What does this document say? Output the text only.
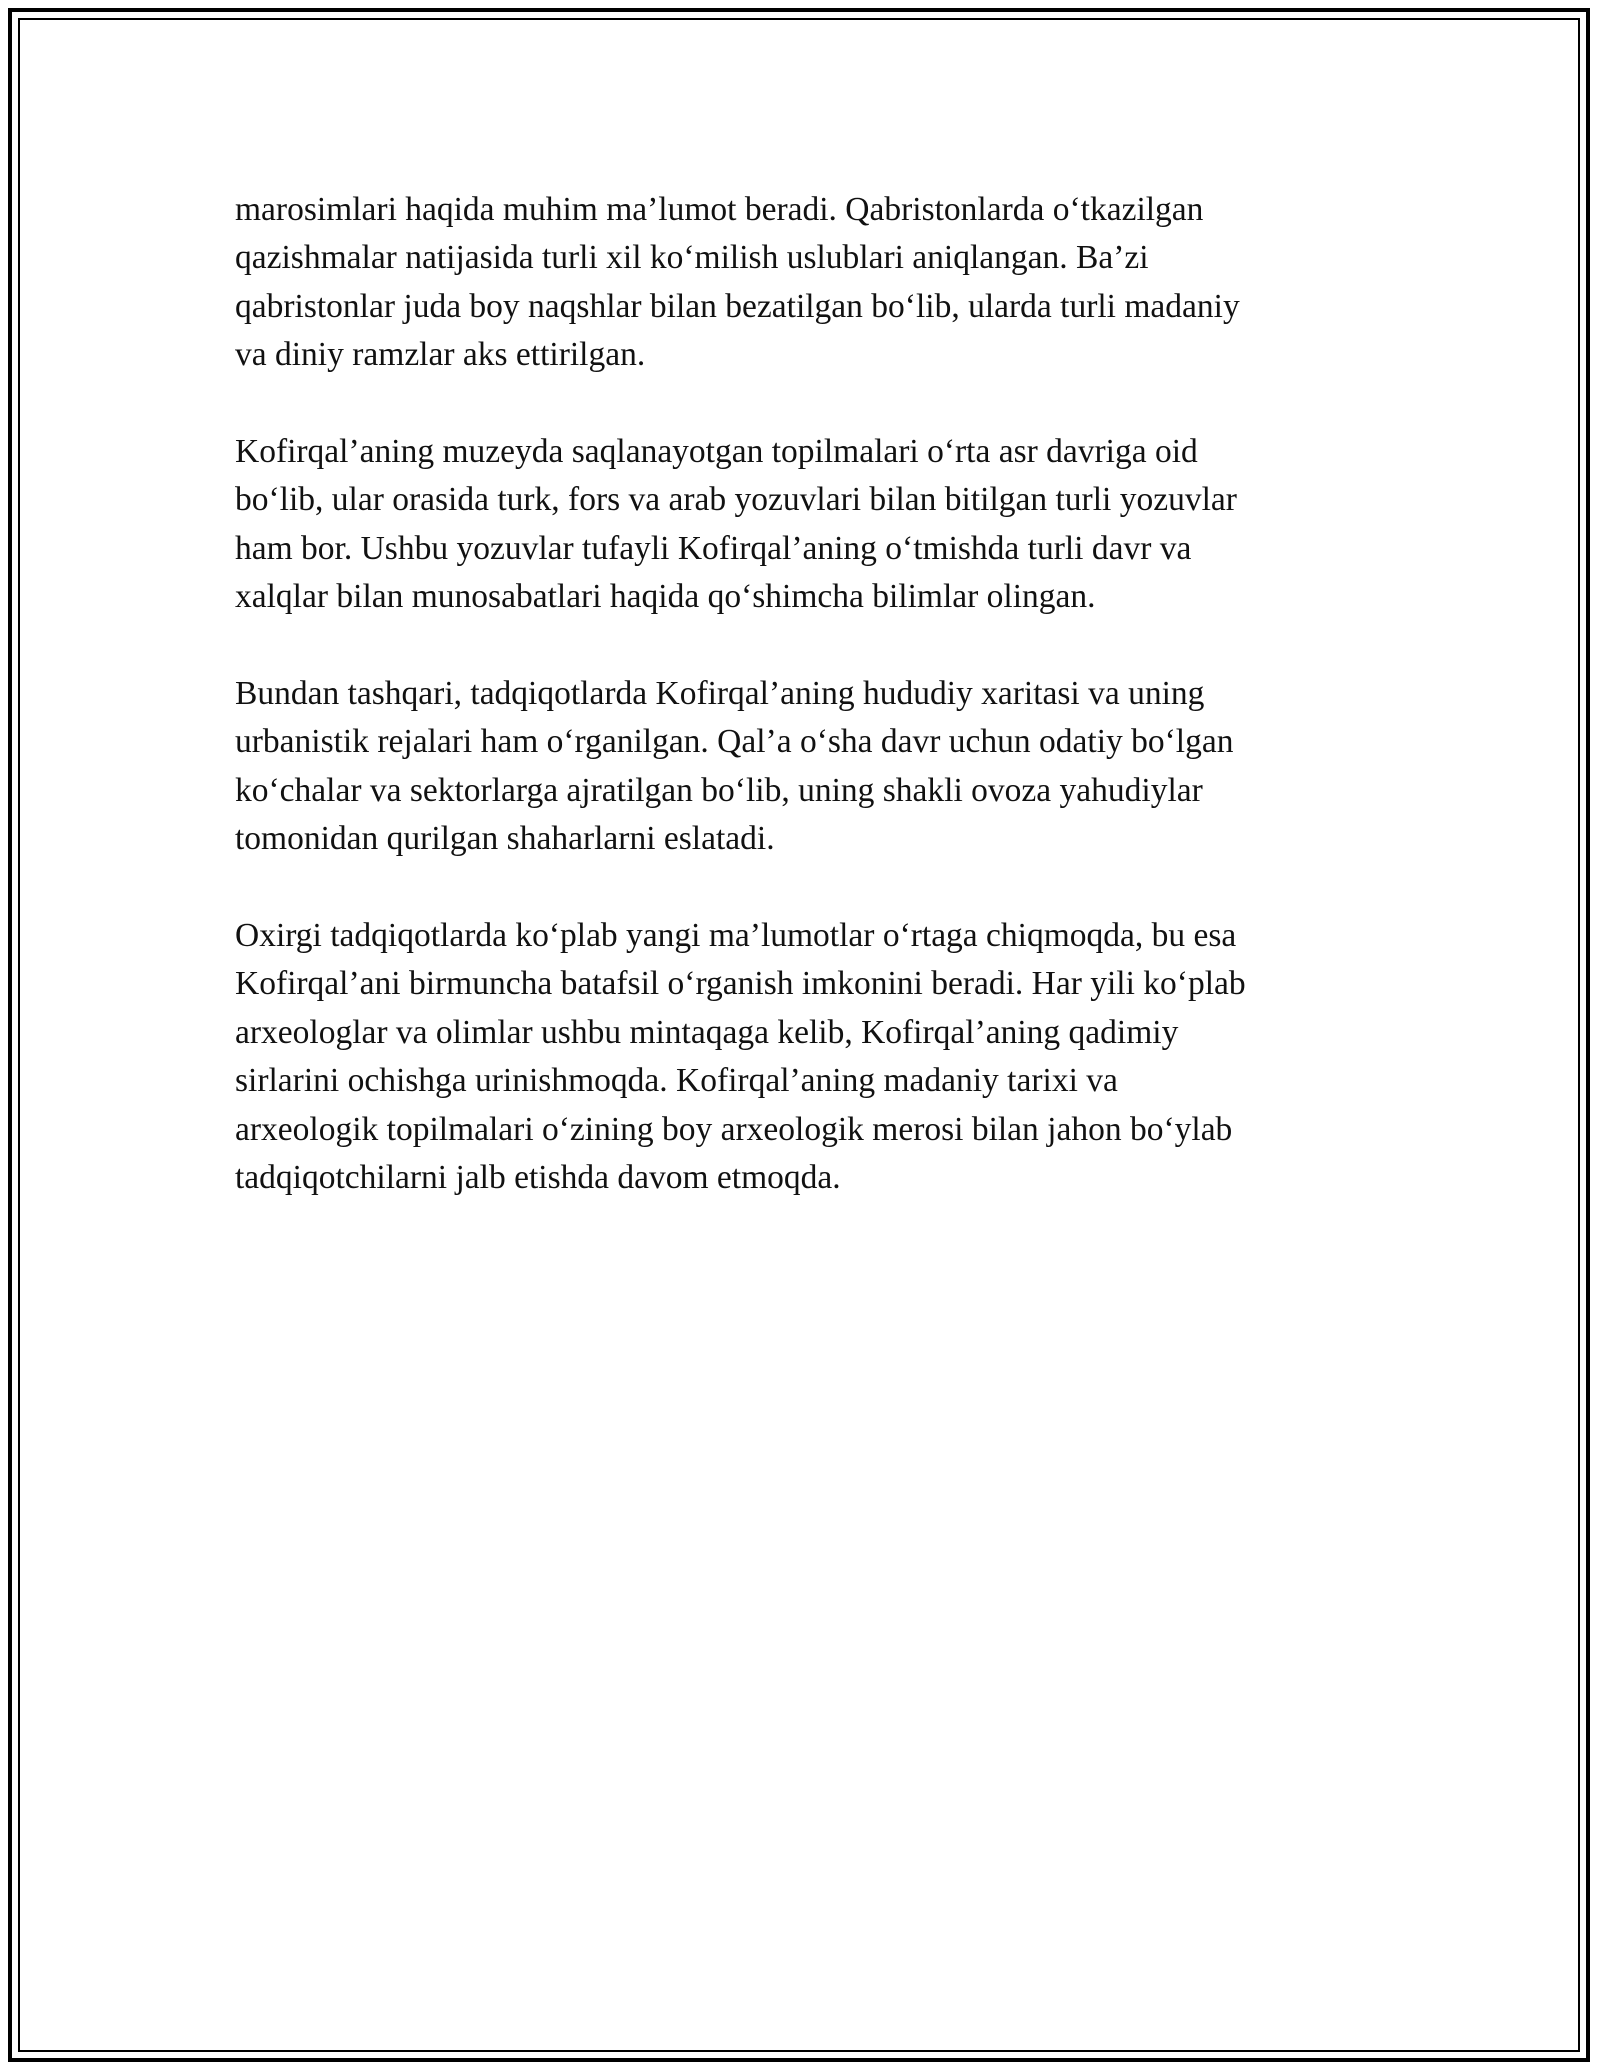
marosimlari haqida muhim ma’lumot beradi. Qabristonlarda o‘tkazilgan
qazishmalar natijasida turli xil ko‘milish uslublari aniqlangan. Ba’zi
qabristonlar juda boy naqshlar bilan bezatilgan bo‘lib, ularda turli madaniy
va diniy ramzlar aks ettirilgan.

Kofirqal’aning muzeyda saqlanayotgan topilmalari o‘rta asr davriga oid
bo‘lib, ular orasida turk, fors va arab yozuvlari bilan bitilgan turli yozuvlar
ham bor. Ushbu yozuvlar tufayli Kofirqal’aning o‘tmishda turli davr va
xalqlar bilan munosabatlari haqida qo‘shimcha bilimlar olingan.

Bundan tashqari, tadqiqotlarda Kofirqal’aning hududiy xaritasi va uning
urbanistik rejalari ham o‘rganilgan. Qal’a o‘sha davr uchun odatiy bo‘lgan
ko‘chalar va sektorlarga ajratilgan bo‘lib, uning shakli ovoza yahudiylar
tomonidan qurilgan shaharlarni eslatadi.

Oxirgi tadqiqotlarda ko‘plab yangi ma’lumotlar o‘rtaga chiqmoqda, bu esa
Kofirqal’ani birmuncha batafsil o‘rganish imkonini beradi. Har yili ko‘plab
arxeologlar va olimlar ushbu mintaqaga kelib, Kofirqal’aning qadimiy
sirlarini ochishga urinishmoqda. Kofirqal’aning madaniy tarixi va
arxeologik topilmalari o‘zining boy arxeologik merosi bilan jahon bo‘ylab
tadqiqotchilarni jalb etishda davom etmoqda.
